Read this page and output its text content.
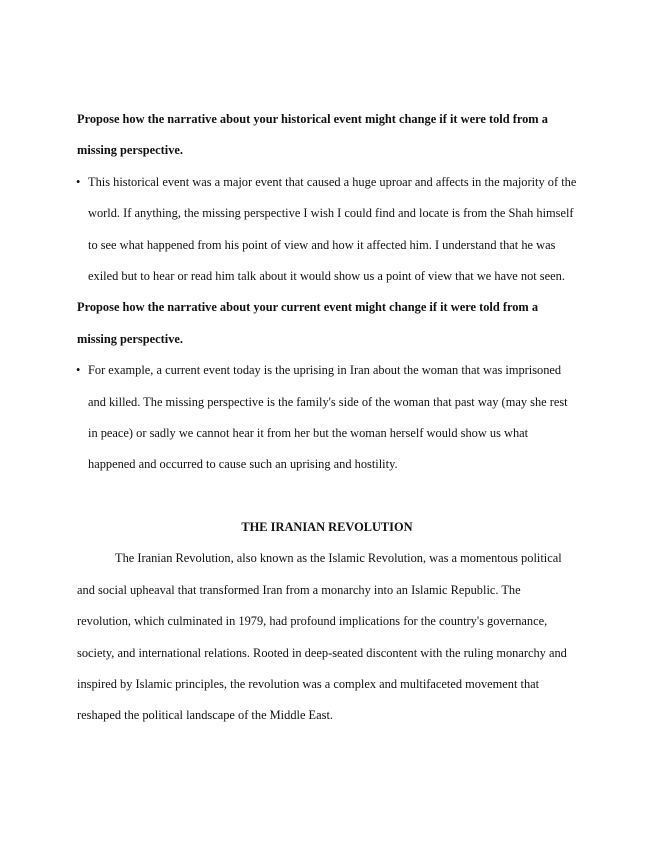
Propose how the narrative about your historical event might change if it were told from a missing perspective.

• This historical event was a major event that caused a huge uproar and affects in the majority of the world. If anything, the missing perspective I wish I could find and locate is from the Shah himself to see what happened from his point of view and how it affected him. I understand that he was exiled but to hear or read him talk about it would show us a point of view that we have not seen.

Propose how the narrative about your current event might change if it were told from a missing perspective.

• For example, a current event today is the uprising in Iran about the woman that was imprisoned and killed. The missing perspective is the family's side of the woman that past way (may she rest in peace) or sadly we cannot hear it from her but the woman herself would show us what happened and occurred to cause such an uprising and hostility.

THE IRANIAN REVOLUTION

The Iranian Revolution, also known as the Islamic Revolution, was a momentous political and social upheaval that transformed Iran from a monarchy into an Islamic Republic. The revolution, which culminated in 1979, had profound implications for the country's governance, society, and international relations. Rooted in deep-seated discontent with the ruling monarchy and inspired by Islamic principles, the revolution was a complex and multifaceted movement that reshaped the political landscape of the Middle East.
